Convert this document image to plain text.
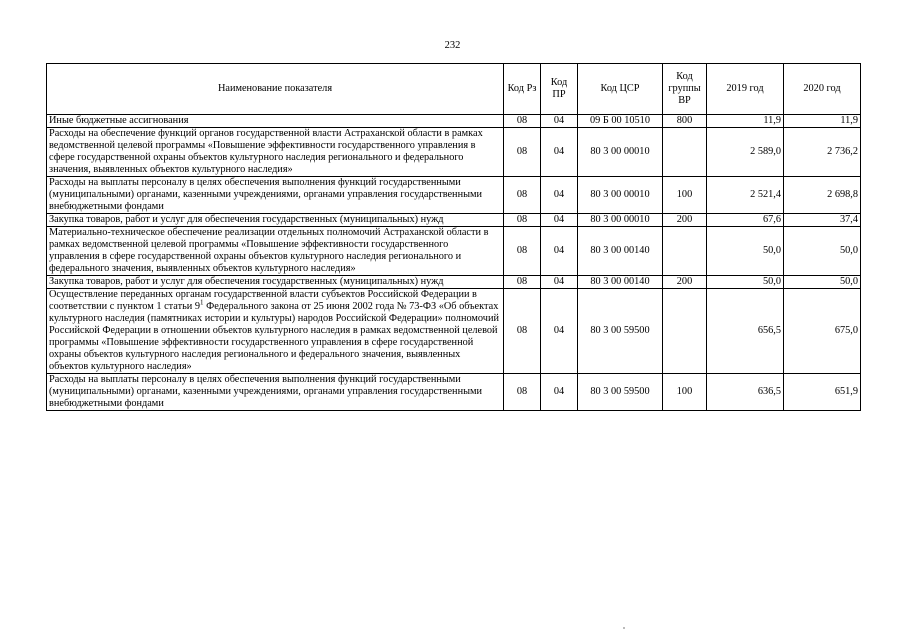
232
Наименование показателя	Код Рз	Код ПР	Код ЦСР	Код группы ВР	2019 год	2020 год
Иные бюджетные ассигнования	08	04	09 Б 00 10510	800	11,9	11,9
Расходы на обеспечение функций органов государственной власти Астраханской области в рамках ведомственной целевой программы «Повышение эффективности государственного управления в сфере государственной охраны объектов культурного наследия регионального и федерального значения, выявленных объектов культурного наследия»	08	04	80 3 00 00010		2 589,0	2 736,2
Расходы на выплаты персоналу в целях обеспечения выполнения функций государственными (муниципальными) органами, казенными учреждениями, органами управления государственными внебюджетными фондами	08	04	80 3 00 00010	100	2 521,4	2 698,8
Закупка товаров, работ и услуг для обеспечения государственных (муниципальных) нужд	08	04	80 3 00 00010	200	67,6	37,4
Материально-техническое обеспечение реализации отдельных полномочий Астраханской области в рамках ведомственной целевой программы «Повышение эффективности государственного управления в сфере государственной охраны объектов культурного наследия регионального и федерального значения, выявленных объектов культурного наследия»	08	04	80 3 00 00140		50,0	50,0
Закупка товаров, работ и услуг для обеспечения государственных (муниципальных) нужд	08	04	80 3 00 00140	200	50,0	50,0
Осуществление переданных органам государственной власти субъектов Российской Федерации в соответствии с пунктом 1 статьи $9^1$ Федерального закона от 25 июня 2002 года № 73-ФЗ «Об объектах культурного наследия (памятниках истории и культуры) народов Российской Федерации» полномочий Российской Федерации в отношении объектов культурного наследия в рамках ведомственной целевой программы «Повышение эффективности государственного управления в сфере государственной охраны объектов культурного наследия регионального и федерального значения, выявленных объектов культурного наследия»	08	04	80 3 00 59500		656,5	675,0
Расходы на выплаты персоналу в целях обеспечения выполнения функций государственными (муниципальными) органами, казенными учреждениями, органами управления государственными внебюджетными фондами	08	04	80 3 00 59500	100	636,5	651,9
